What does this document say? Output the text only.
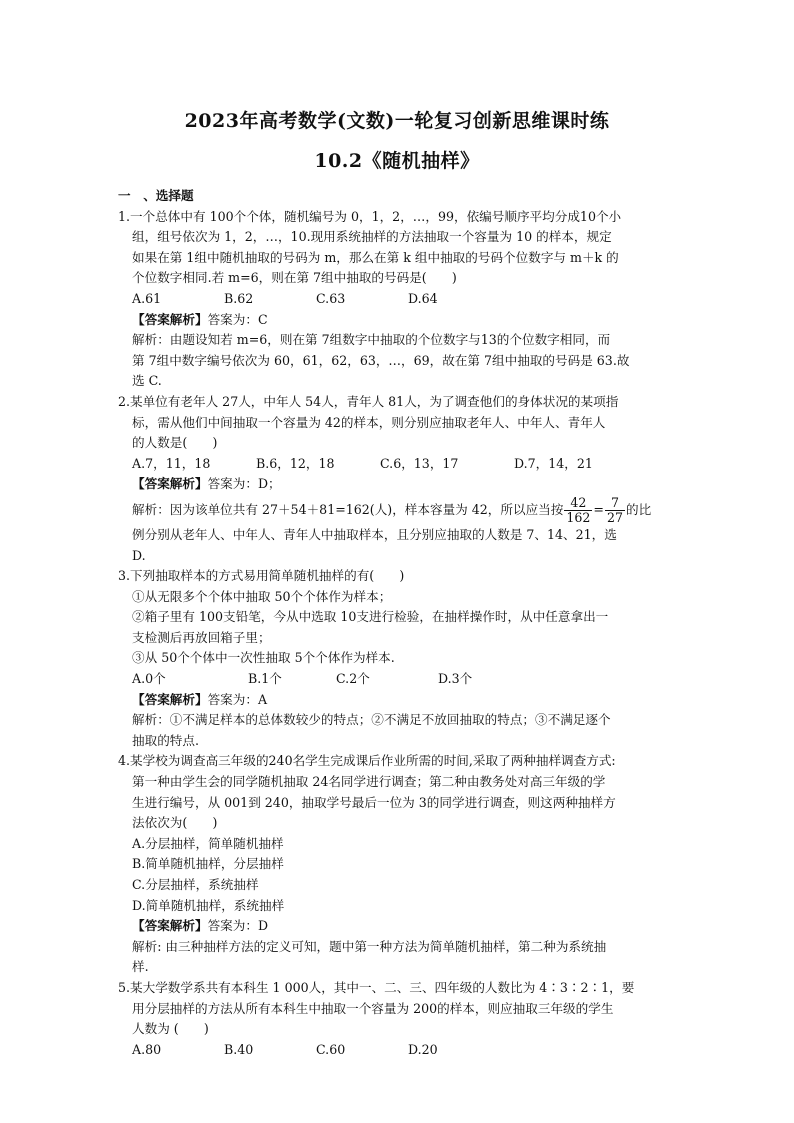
2023年高考数学(文数)一轮复习创新思维课时练
10.2《随机抽样》
一　、选择题
1.一个总体中有 100个个体，随机编号为 0，1，2，…，99，依编号顺序平均分成10个小
组，组号依次为 1，2，…，10.现用系统抽样的方法抽取一个容量为 10 的样本，规定
如果在第 1组中随机抽取的号码为 m，那么在第 k 组中抽取的号码个位数字与 m＋k 的
个位数字相同.若 m=6，则在第 7组中抽取的号码是(　　)
A.61	B.62	C.63	D.64
【答案解析】答案为：C
解析：由题设知若 m=6，则在第 7组数字中抽取的个位数字与13的个位数字相同，而
第 7组中数字编号依次为 60，61，62，63，…，69，故在第 7组中抽取的号码是 63.故
选 C.
2.某单位有老年人 27人，中年人 54人，青年人 81人，为了调查他们的身体状况的某项指
标，需从他们中间抽取一个容量为 42的样本，则分别应抽取老年人、中年人、青年人
的人数是(　　)
A.7，11，18	B.6，12，18	C.6，13，17	D.7，14，21
【答案解析】答案为：D；
解析：因为该单位共有 27＋54＋81=162(人)，样本容量为 42，所以应当按 $\frac{42}{162} = \frac{7}{27}$ 的比
例分别从老年人、中年人、青年人中抽取样本，且分别应抽取的人数是 7、14、21，选
D.
3.下列抽取样本的方式易用简单随机抽样的有(　　)
①从无限多个个体中抽取 50个个体作为样本；
②箱子里有 100支铅笔，今从中选取 10支进行检验，在抽样操作时，从中任意拿出一
支检测后再放回箱子里；
③从 50个个体中一次性抽取 5个个体作为样本.
A.0个	B.1个	C.2个	D.3个
【答案解析】答案为：A
解析：①不满足样本的总体数较少的特点；②不满足不放回抽取的特点；③不满足逐个
抽取的特点.
4.某学校为调查高三年级的240名学生完成课后作业所需的时间,采取了两种抽样调查方式:
第一种由学生会的同学随机抽取 24名同学进行调查；第二种由教务处对高三年级的学
生进行编号，从 001到 240，抽取学号最后一位为 3的同学进行调查，则这两种抽样方
法依次为(　　)
A.分层抽样，简单随机抽样
B.简单随机抽样，分层抽样
C.分层抽样，系统抽样
D.简单随机抽样，系统抽样
【答案解析】答案为：D
解析: 由三种抽样方法的定义可知，题中第一种方法为简单随机抽样，第二种为系统抽
样.
5.某大学数学系共有本科生 1 000人，其中一、二、三、四年级的人数比为 4∶3∶2∶1，要
用分层抽样的方法从所有本科生中抽取一个容量为 200的样本，则应抽取三年级的学生
人数为 (　　)
A.80	B.40	C.60	D.20
